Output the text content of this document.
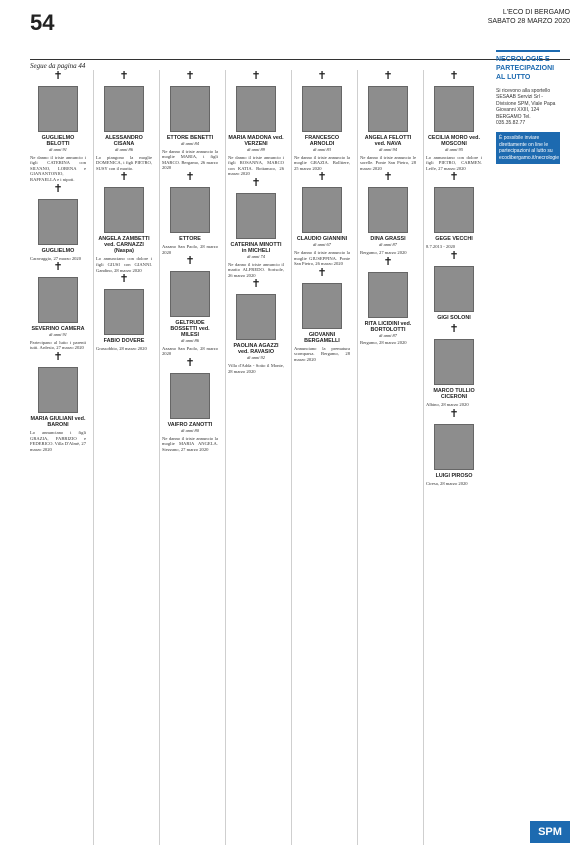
54	L'ECO DI BERGAMO
SABATO 28 MARZO 2020
Segue da pagina 44
✝
GUGLIELMO BELOTTI
di anni 91
Ne danno il triste annuncio i figli CATERINA con SILVANO, LORENA e GIANANTONIO, RAFFAELLA e i nipoti.
✝
GUGLIELMO
Caravaggio, 27 marzo 2020
✝
SEVERINO CAMERA
di anni 91
Partecipano al lutto i parenti tutti. Ardesio, 27 marzo 2020
✝
MARIA GIULIANI ved. BARONI
Lo annunciano i figli GRAZIA, FABRIZIO e FEDERICO. Villa D'Almè, 27 marzo 2020
✝
ALESSANDRO CISANA
di anni 86
Lo piangono la moglie DOMENICA, i figli PIETRO, SUSY con il marito.
✝
ANGELA ZAMBETTI ved. CARNAZZI (Naspa)
Lo annunciano con dolore i figli GIUSI con GIANNI. Gandino, 28 marzo 2020
✝
FABIO DOVERE
Grassobbio, 28 marzo 2020
✝
ETTORE BENETTI
di anni 84
Ne danno il triste annuncio la moglie MARIA, i figli MARCO. Bergamo, 26 marzo 2020
✝
ETTORE
Azzano San Paolo, 28 marzo 2020
✝
GELTRUDE BOSSETTI ved. MILESI
di anni 86
Azzano San Paolo, 28 marzo 2020
✝
VAIFRO ZANOTTI
di anni 80
Ne danno il triste annuncio la moglie MARIA ANGELA. Stezzano, 27 marzo 2020
✝
MARIA MADONA ved. VERZENI
di anni 89
Ne danno il triste annuncio i figli ROSANNA, MARCO con KATIA. Bottanuco, 26 marzo 2020
✝
CATERINA MINOTTI in MICHELI
di anni 74
Ne danno il triste annuncio il marito ALFREDO. Sorisole, 26 marzo 2020
✝
PAOLINA AGAZZI ved. RAVASIO
di anni 92
Villa d'Adda - Sotto il Monte, 28 marzo 2020
✝
FRANCESCO ARNOLDI
di anni 83
Ne danno il triste annuncio la moglie GRAZIA. Bolltiere, 25 marzo 2020
✝
CLAUDIO GIANNINI
di anni 67
Ne danno il triste annuncio la moglie GIUSEPPINA. Ponte San Pietro, 26 marzo 2020
✝
GIOVANNI BERGAMELLI
Annunciano la prematura scomparsa. Bergamo, 28 marzo 2020
✝
ANGELA FELOTTI ved. NAVA
di anni 94
Ne danno il triste annuncio le sorelle. Ponte San Pietro, 28 marzo 2020
✝
DINA GRASSI
di anni 87
Bergamo, 27 marzo 2020
✝
RITA LICIDINI ved. BORTOLOTTI
di anni 87
Bergamo, 28 marzo 2020
✝
CECILIA MORO ved. MOSCONI
di anni 95
Lo annunciano con dolore i figli PIETRO, CARMEN. Leffe, 27 marzo 2020
✝
GEGE VECCHI
8.7.2013 - 2020
✝
GIGI SOLONI
✝
MARCO TULLIO CICERONI
Albino, 28 marzo 2020
✝
LUIGI PIROSO
Ciresa, 28 marzo 2020
NECROLOGIE E PARTECIPAZIONI AL LUTTO
Si ricevono alla sportello SESAAB Servizi Srl - Divisione SPM, Viale Papa Giovanni XXIII, 124 BERGAMO Tel. 035.35.82.77
È possibile inviare direttamente on line le partecipazioni al lutto su ecodibergamo.it/necrologie
SPM
